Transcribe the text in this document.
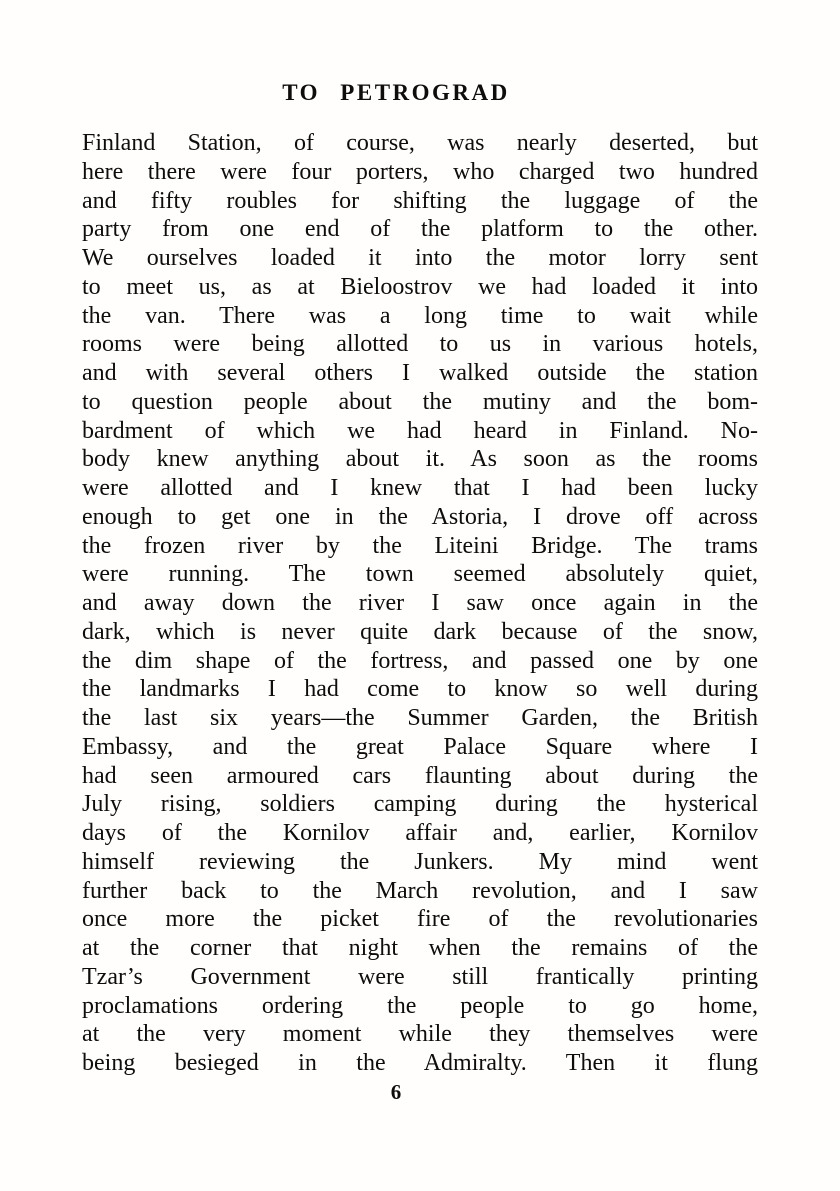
TO PETROGRAD
Finland Station, of course, was nearly deserted, but
here there were four porters, who charged two hundred
and fifty roubles for shifting the luggage of the
party from one end of the platform to the other.
We ourselves loaded it into the motor lorry sent
to meet us, as at Bieloostrov we had loaded it into
the van. There was a long time to wait while
rooms were being allotted to us in various hotels,
and with several others I walked outside the station
to question people about the mutiny and the bom-
bardment of which we had heard in Finland. No-
body knew anything about it. As soon as the rooms
were allotted and I knew that I had been lucky
enough to get one in the Astoria, I drove off across
the frozen river by the Liteini Bridge. The trams
were running. The town seemed absolutely quiet,
and away down the river I saw once again in the
dark, which is never quite dark because of the snow,
the dim shape of the fortress, and passed one by one
the landmarks I had come to know so well during
the last six years—the Summer Garden, the British
Embassy, and the great Palace Square where I
had seen armoured cars flaunting about during the
July rising, soldiers camping during the hysterical
days of the Kornilov affair and, earlier, Kornilov
himself reviewing the Junkers. My mind went
further back to the March revolution, and I saw
once more the picket fire of the revolutionaries
at the corner that night when the remains of the
Tzar’s Government were still frantically printing
proclamations ordering the people to go home,
at the very moment while they themselves were
being besieged in the Admiralty. Then it flung
6
